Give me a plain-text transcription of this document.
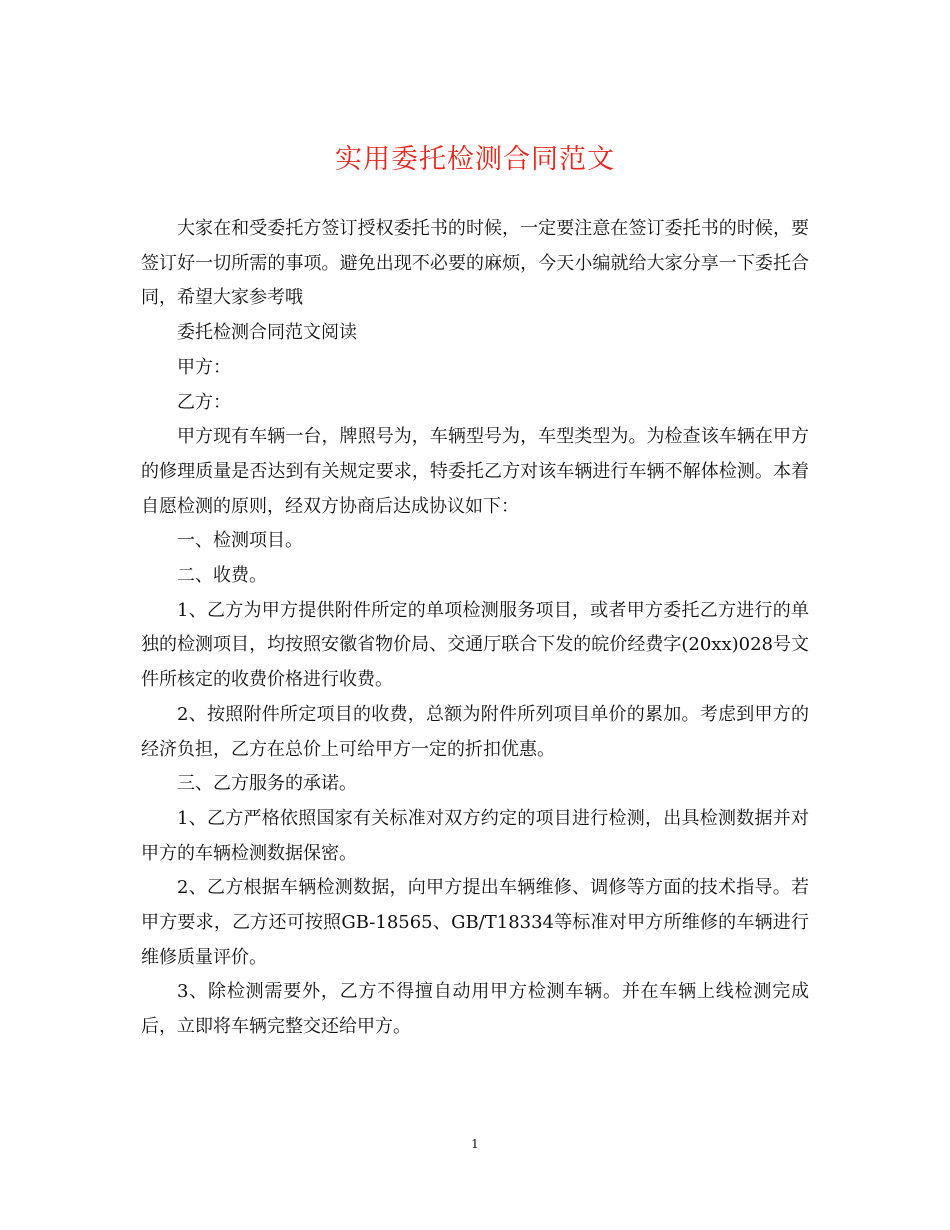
实用委托检测合同范文

大家在和受委托方签订授权委托书的时候，一定要注意在签订委托书的时候，要签订好一切所需的事项。避免出现不必要的麻烦，今天小编就给大家分享一下委托合同，希望大家参考哦

委托检测合同范文阅读

甲方：

乙方：

甲方现有车辆一台，牌照号为，车辆型号为，车型类型为。为检查该车辆在甲方的修理质量是否达到有关规定要求，特委托乙方对该车辆进行车辆不解体检测。本着自愿检测的原则，经双方协商后达成协议如下：

一、检测项目。

二、收费。

1、乙方为甲方提供附件所定的单项检测服务项目，或者甲方委托乙方进行的单独的检测项目，均按照安徽省物价局、交通厅联合下发的皖价经费字(20xx)028号文件所核定的收费价格进行收费。

2、按照附件所定项目的收费，总额为附件所列项目单价的累加。考虑到甲方的经济负担，乙方在总价上可给甲方一定的折扣优惠。

三、乙方服务的承诺。

1、乙方严格依照国家有关标准对双方约定的项目进行检测，出具检测数据并对甲方的车辆检测数据保密。

2、乙方根据车辆检测数据，向甲方提出车辆维修、调修等方面的技术指导。若甲方要求，乙方还可按照GB-18565、GB/T18334等标准对甲方所维修的车辆进行维修质量评价。

3、除检测需要外，乙方不得擅自动用甲方检测车辆。并在车辆上线检测完成后，立即将车辆完整交还给甲方。

1
